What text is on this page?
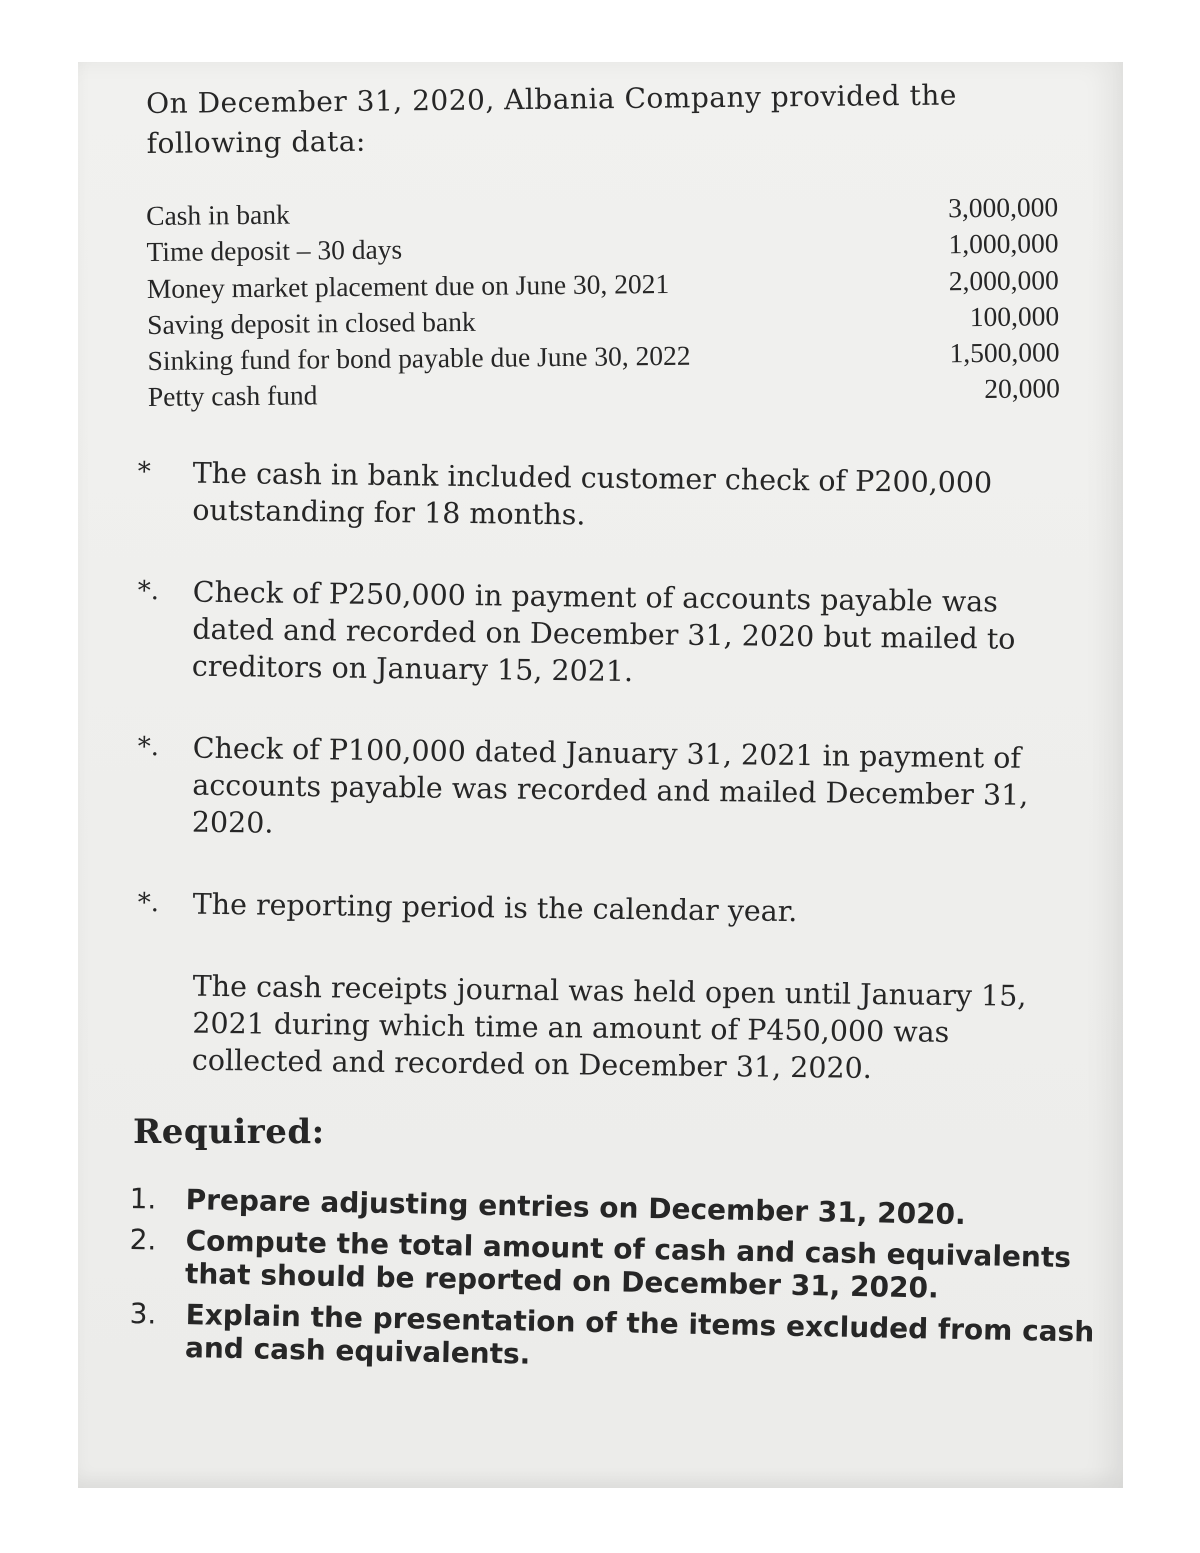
On December 31, 2020, Albania Company provided the
following data:
Cash in bank	3,000,000
Time deposit – 30 days	1,000,000
Money market placement due on June 30, 2021	2,000,000
Saving deposit in closed bank	100,000
Sinking fund for bond payable due June 30, 2022	1,500,000
Petty cash fund	20,000
*	The cash in bank included customer check of P200,000 outstanding for 18 months.
*.	Check of P250,000 in payment of accounts payable was dated and recorded on December 31, 2020 but mailed to creditors on January 15, 2021.
*.	Check of P100,000 dated January 31, 2021 in payment of accounts payable was recorded and mailed December 31, 2020.
*.	The reporting period is the calendar year.
The cash receipts journal was held open until January 15, 2021 during which time an amount of P450,000 was collected and recorded on December 31, 2020.
Required:
1. Prepare adjusting entries on December 31, 2020.
2. Compute the total amount of cash and cash equivalents that should be reported on December 31, 2020.
3. Explain the presentation of the items excluded from cash and cash equivalents.
